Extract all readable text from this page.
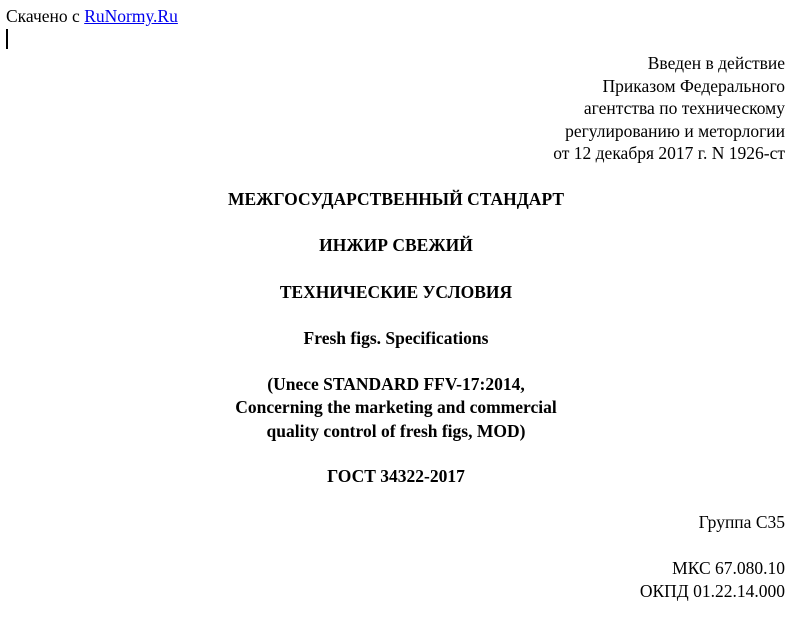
Скачено с RuNormy.Ru
Введен в действие
Приказом Федерального
агентства по техническому
регулированию и меторлогии
от 12 декабря 2017 г. N 1926-ст
МЕЖГОСУДАРСТВЕННЫЙ СТАНДАРТ
ИНЖИР СВЕЖИЙ
ТЕХНИЧЕСКИЕ УСЛОВИЯ
Fresh figs. Specifications
(Unece STANDARD FFV-17:2014,
Concerning the marketing and commercial
quality control of fresh figs, MOD)
ГОСТ 34322-2017
Группа С35
МКС 67.080.10
ОКПД 01.22.14.000
